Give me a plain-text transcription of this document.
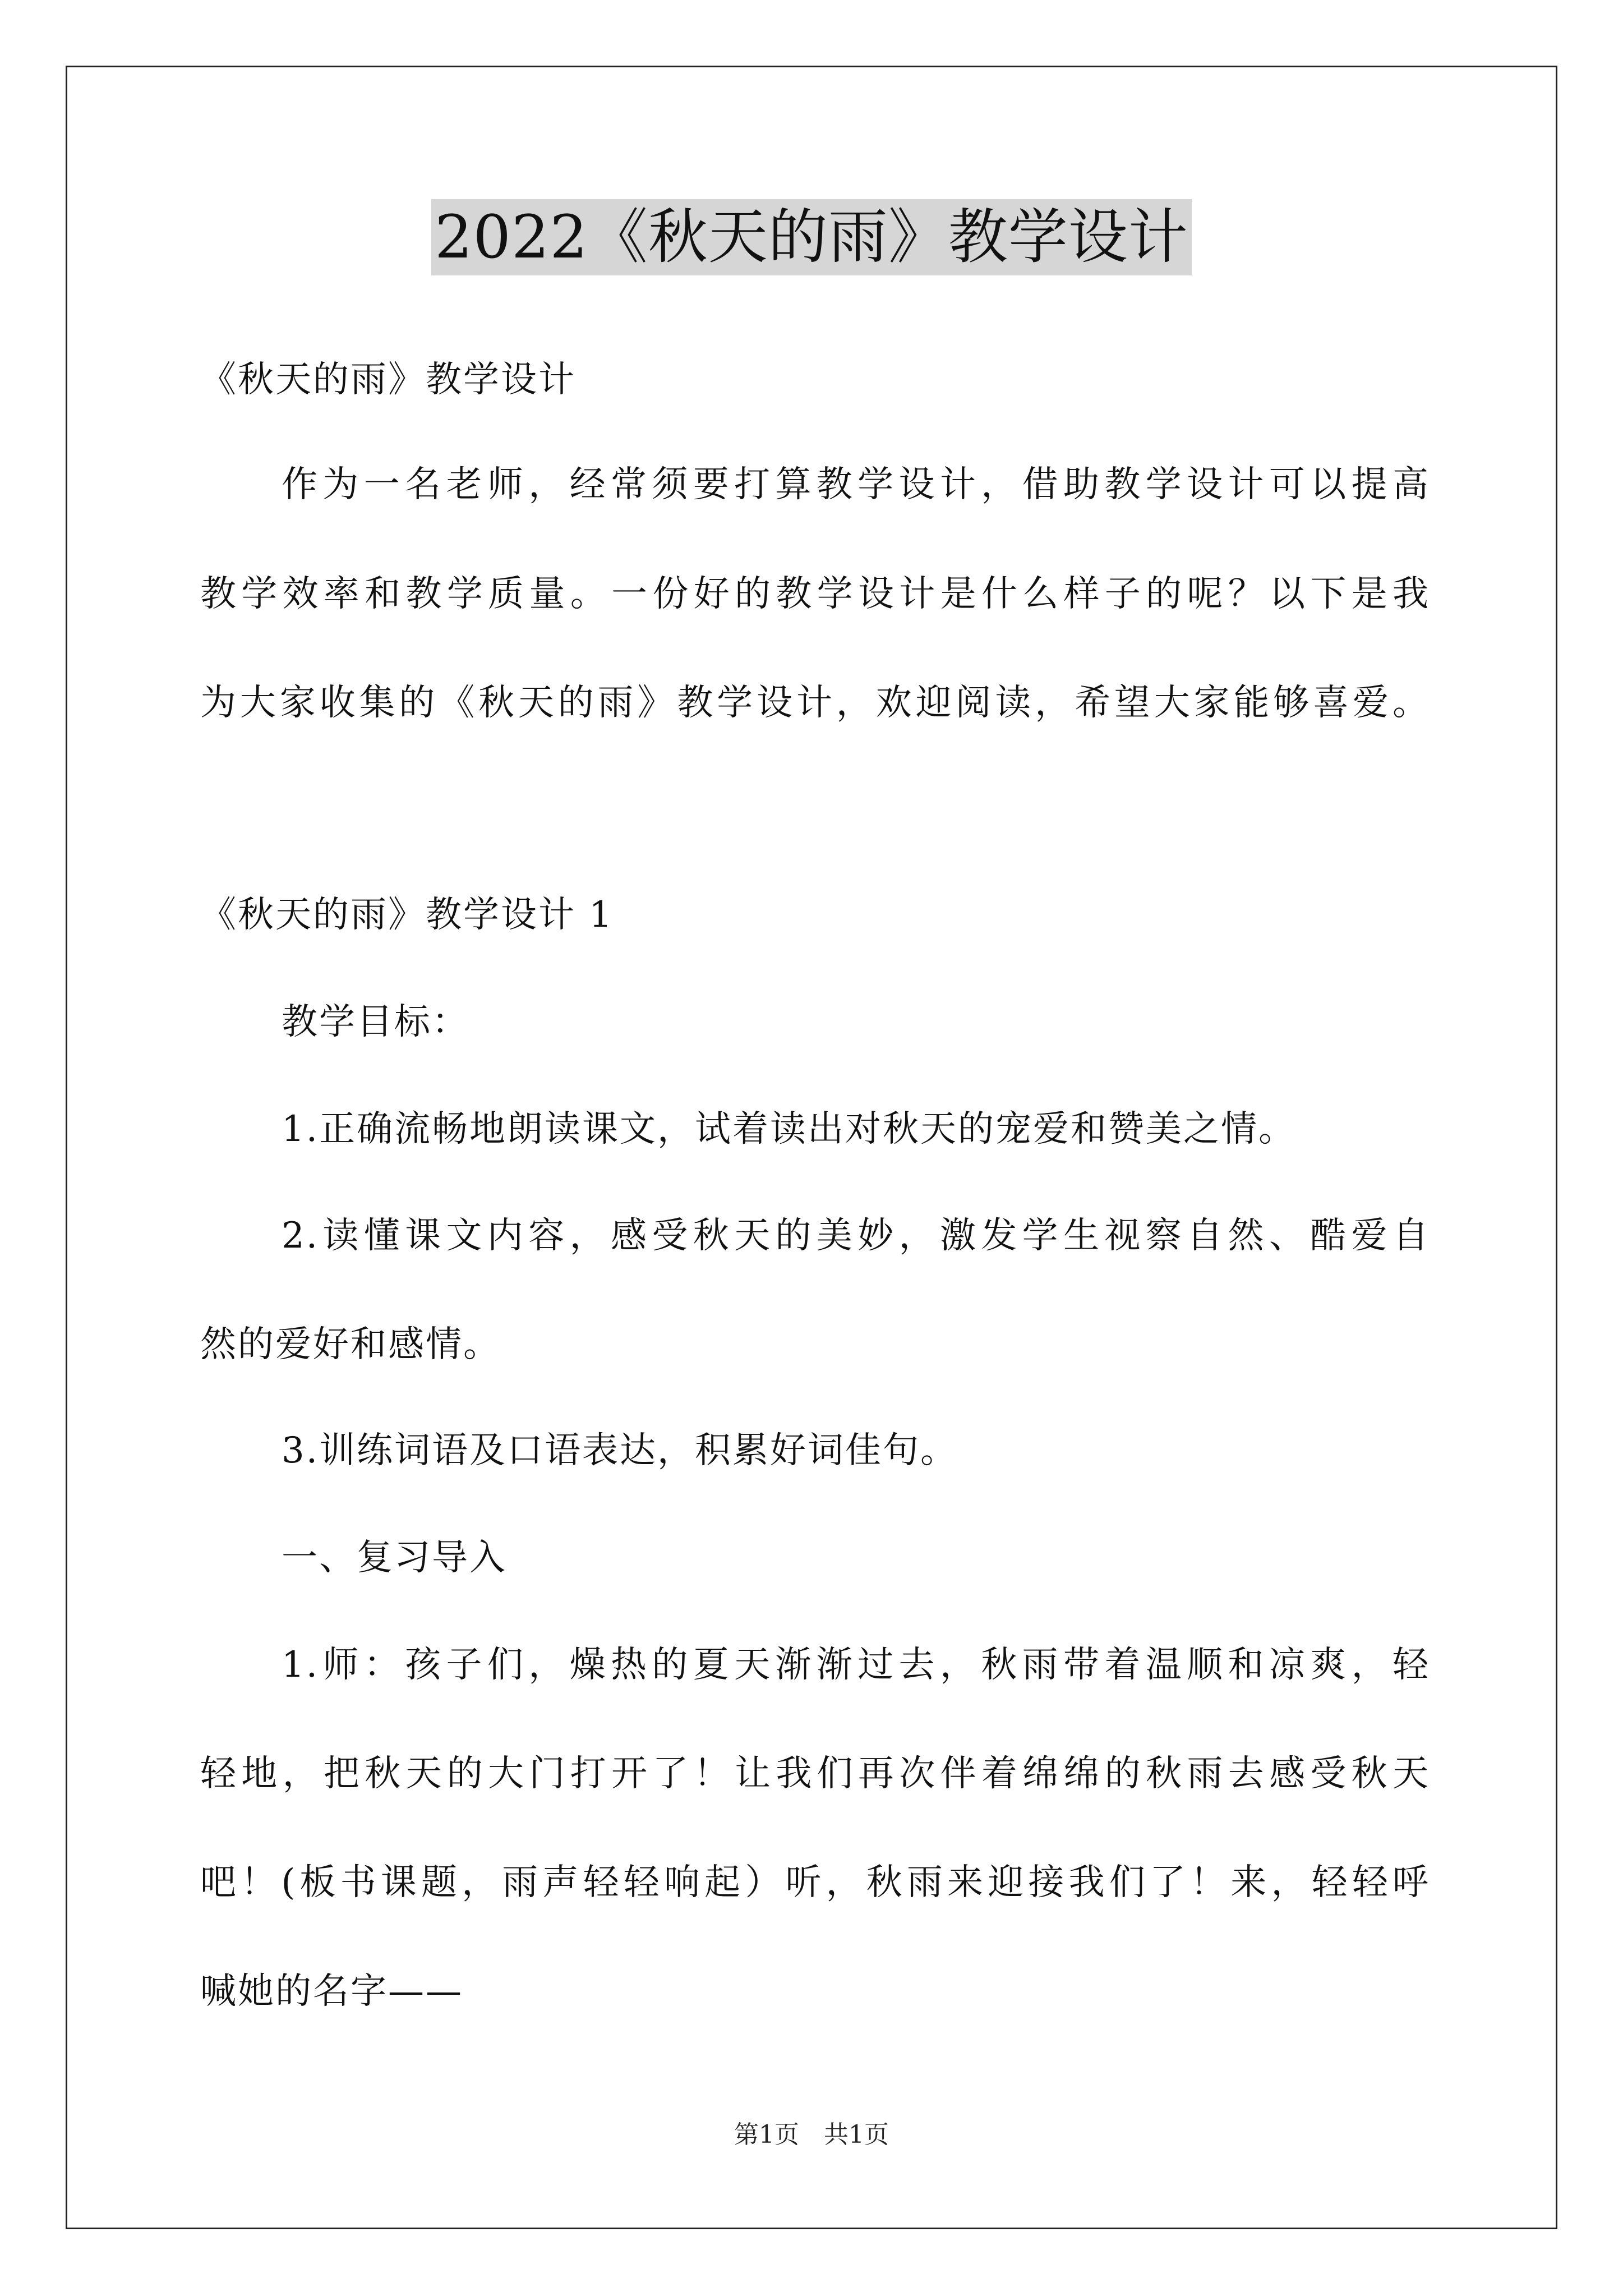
2022《秋天的雨》教学设计
《秋天的雨》教学设计
作为一名老师，经常须要打算教学设计，借助教学设计可以提高
教学效率和教学质量。一份好的教学设计是什么样子的呢？以下是我
为大家收集的《秋天的雨》教学设计，欢迎阅读，希望大家能够喜爱。
《秋天的雨》教学设计 1
教学目标：
1.正确流畅地朗读课文，试着读出对秋天的宠爱和赞美之情。
2.读懂课文内容，感受秋天的美妙，激发学生视察自然、酷爱自
然的爱好和感情。
3.训练词语及口语表达，积累好词佳句。
一、复习导入
1.师：孩子们，燥热的夏天渐渐过去，秋雨带着温顺和凉爽，轻
轻地，把秋天的大门打开了！让我们再次伴着绵绵的秋雨去感受秋天
吧！(板书课题，雨声轻轻响起）听，秋雨来迎接我们了！来，轻轻呼
喊她的名字——
第1页　共1页
